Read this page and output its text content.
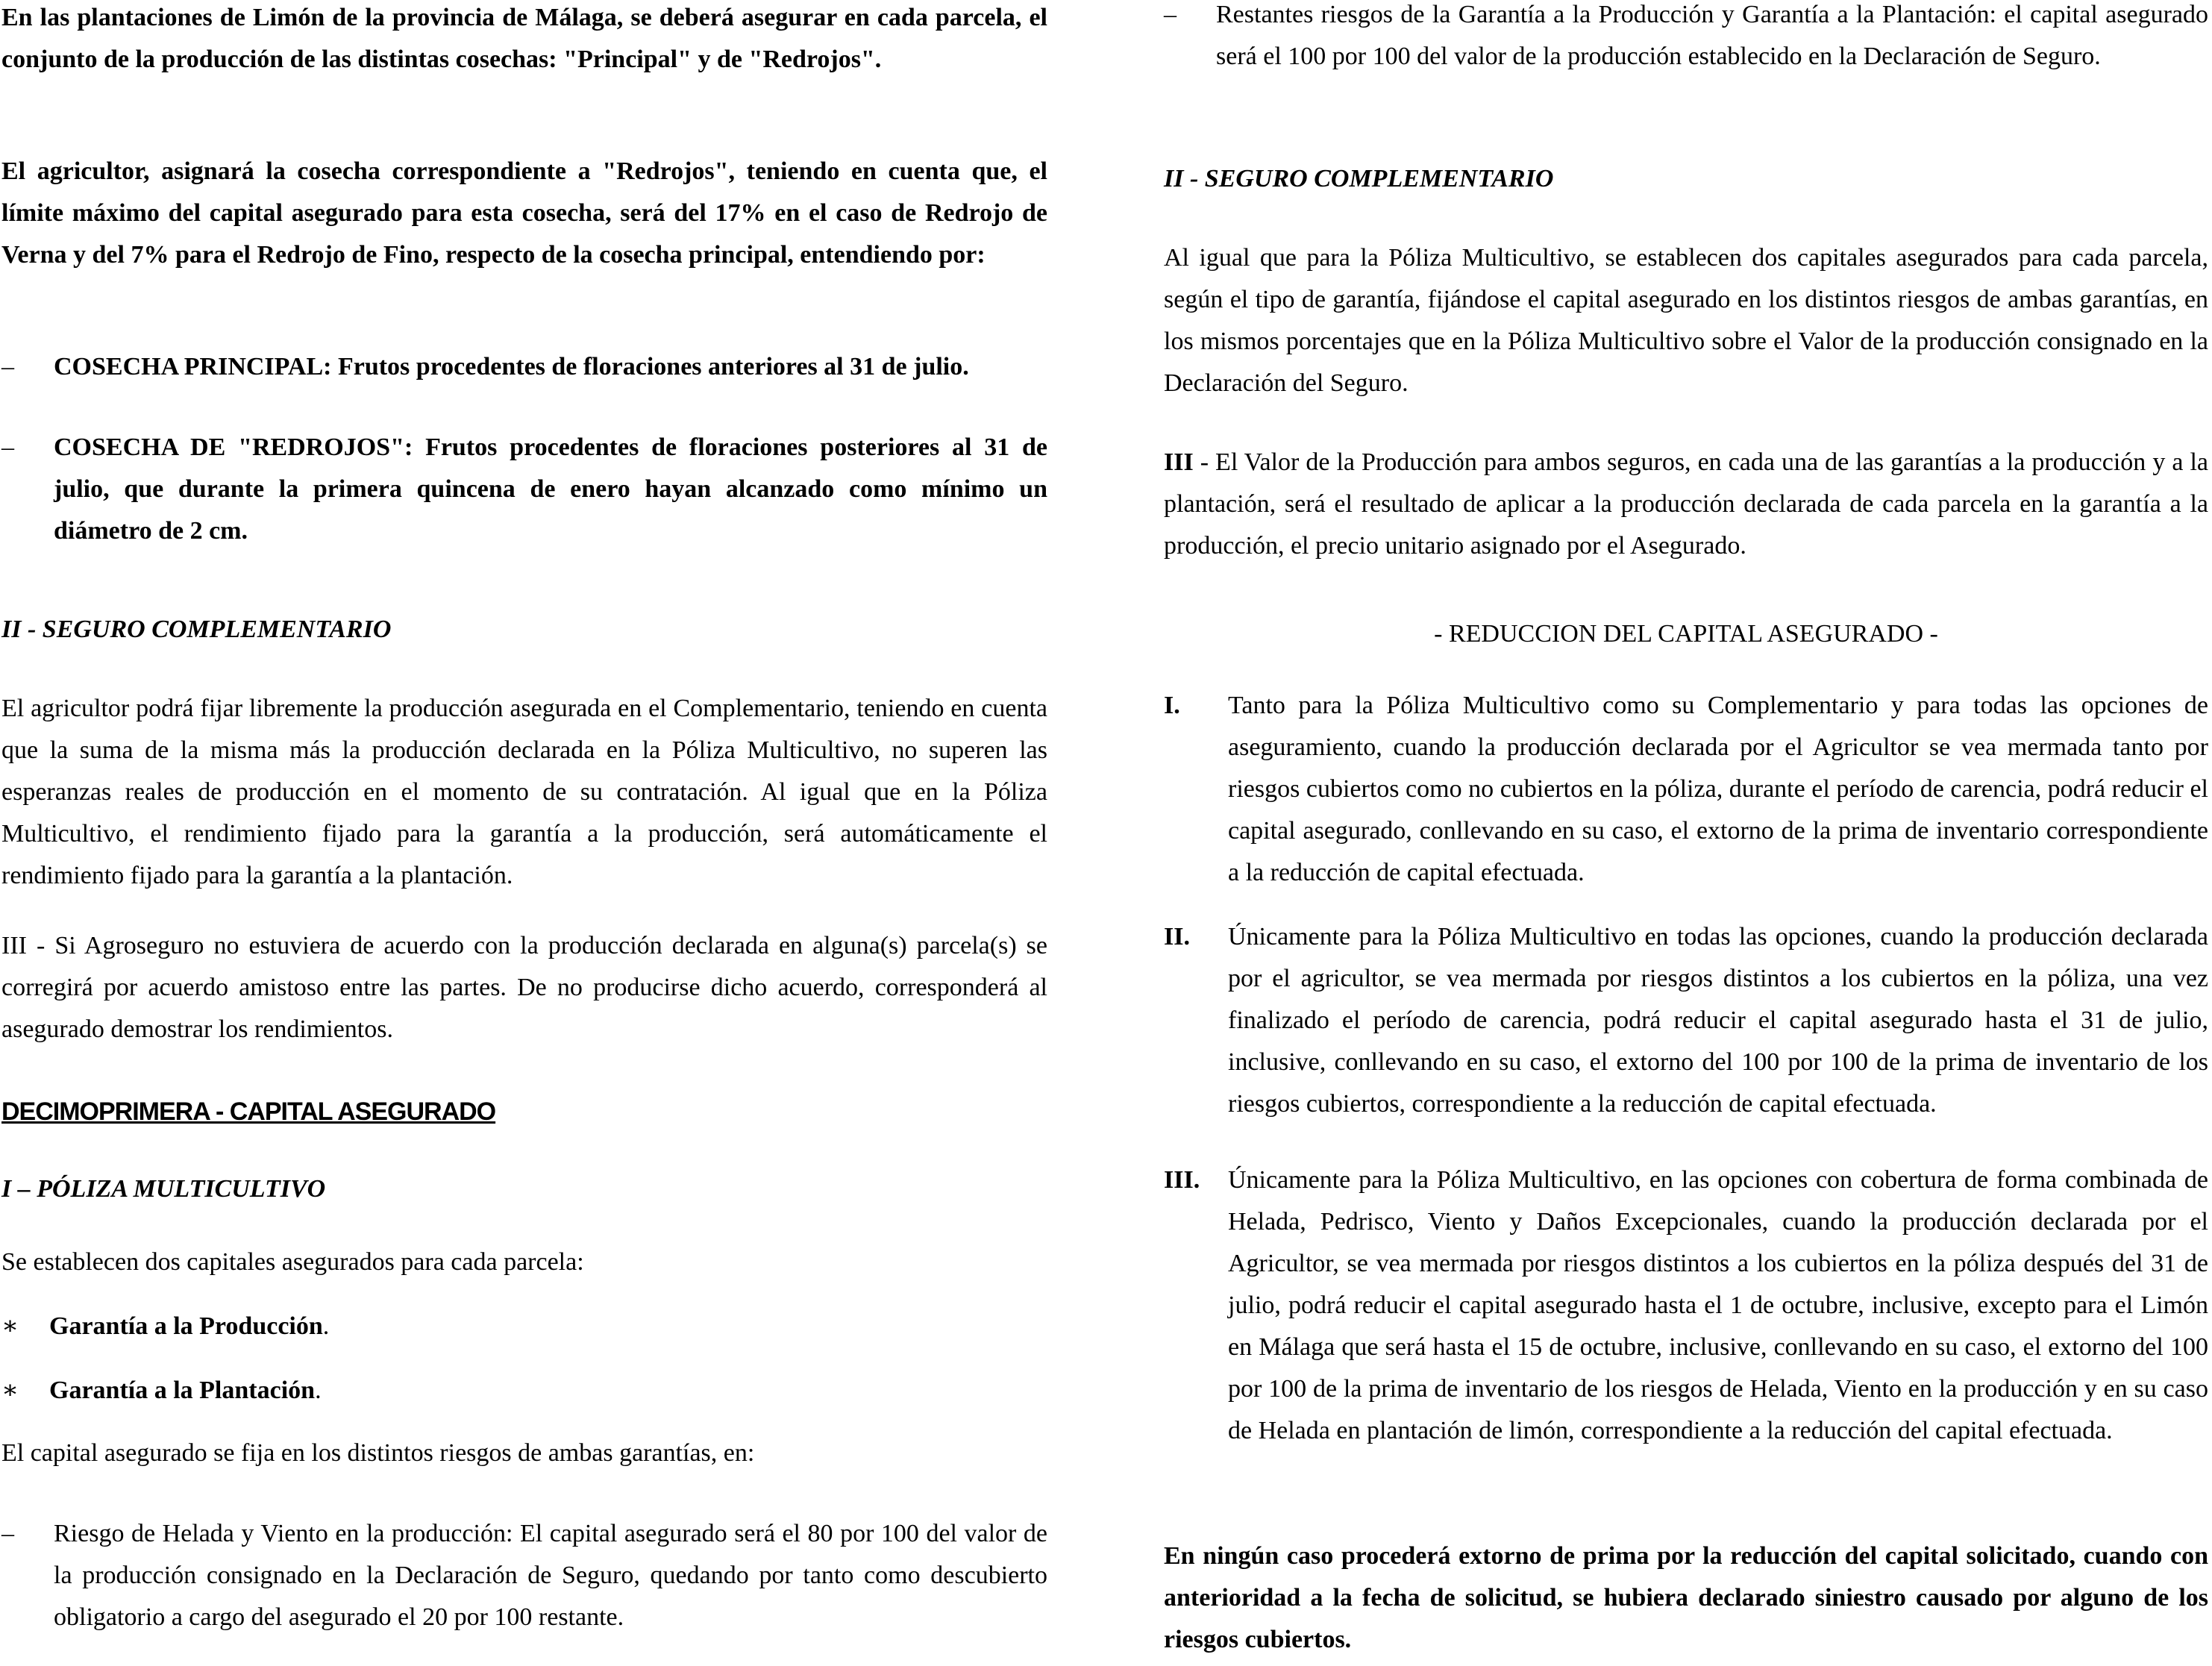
En las plantaciones de Limón de la provincia de Málaga, se deberá asegurar en cada parcela, el conjunto de la producción de las distintas cosechas: "Principal" y de "Redrojos".

El agricultor, asignará la cosecha correspondiente a "Redrojos", teniendo en cuenta que, el límite máximo del capital asegurado para esta cosecha, será del 17% en el caso de Redrojo de Verna y del 7% para el Redrojo de Fino, respecto de la cosecha principal, entendiendo por:

–	COSECHA PRINCIPAL: Frutos procedentes de floraciones anteriores al 31 de julio.
–	COSECHA DE "REDROJOS": Frutos procedentes de floraciones posteriores al 31 de julio, que durante la primera quincena de enero hayan alcanzado como mínimo un diámetro de 2 cm.

II - SEGURO COMPLEMENTARIO

El agricultor podrá fijar libremente la producción asegurada en el Complementario, teniendo en cuenta que la suma de la misma más la producción declarada en la Póliza Multicultivo, no superen las esperanzas reales de producción en el momento de su contratación. Al igual que en la Póliza Multicultivo, el rendimiento fijado para la garantía a la producción, será automáticamente el rendimiento fijado para la garantía a la plantación.

III - Si Agroseguro no estuviera de acuerdo con la producción declarada en alguna(s) parcela(s) se corregirá por acuerdo amistoso entre las partes. De no producirse dicho acuerdo, corresponderá al asegurado demostrar los rendimientos.

DECIMOPRIMERA - CAPITAL ASEGURADO

I – PÓLIZA MULTICULTIVO

Se establecen dos capitales asegurados para cada parcela:

∗	Garantía a la Producción.
∗	Garantía a la Plantación.

El capital asegurado se fija en los distintos riesgos de ambas garantías, en:

–	Riesgo de Helada y Viento en la producción: El capital asegurado será el 80 por 100 del valor de la producción consignado en la Declaración de Seguro, quedando por tanto como descubierto obligatorio a cargo del asegurado el 20 por 100 restante.
–	Restantes riesgos de la Garantía a la Producción y Garantía a la Plantación: el capital asegurado será el 100 por 100 del valor de la producción establecido en la Declaración de Seguro.

II - SEGURO COMPLEMENTARIO

Al igual que para la Póliza Multicultivo, se establecen dos capitales asegurados para cada parcela, según el tipo de garantía, fijándose el capital asegurado en los distintos riesgos de ambas garantías, en los mismos porcentajes que en la Póliza Multicultivo sobre el Valor de la producción consignado en la Declaración del Seguro.

III - El Valor de la Producción para ambos seguros, en cada una de las garantías a la producción y a la plantación, será el resultado de aplicar a la producción declarada de cada parcela en la garantía a la producción, el precio unitario asignado por el Asegurado.

- REDUCCION DEL CAPITAL ASEGURADO -

I.	Tanto para la Póliza Multicultivo como su Complementario y para todas las opciones de aseguramiento, cuando la producción declarada por el Agricultor se vea mermada tanto por riesgos cubiertos como no cubiertos en la póliza, durante el período de carencia, podrá reducir el capital asegurado, conllevando en su caso, el extorno de la prima de inventario correspondiente a la reducción de capital efectuada.
II.	Únicamente para la Póliza Multicultivo en todas las opciones, cuando la producción declarada por el agricultor, se vea mermada por riesgos distintos a los cubiertos en la póliza, una vez finalizado el período de carencia, podrá reducir el capital asegurado hasta el 31 de julio, inclusive, conllevando en su caso, el extorno del 100 por 100 de la prima de inventario de los riesgos cubiertos, correspondiente a la reducción de capital efectuada.
III.	Únicamente para la Póliza Multicultivo, en las opciones con cobertura de forma combinada de Helada, Pedrisco, Viento y Daños Excepcionales, cuando la producción declarada por el Agricultor, se vea mermada por riesgos distintos a los cubiertos en la póliza después del 31 de julio, podrá reducir el capital asegurado hasta el 1 de octubre, inclusive, excepto para el Limón en Málaga que será hasta el 15 de octubre, inclusive, conllevando en su caso, el extorno del 100 por 100 de la prima de inventario de los riesgos de Helada, Viento en la producción y en su caso de Helada en plantación de limón, correspondiente a la reducción del capital efectuada.

En ningún caso procederá extorno de prima por la reducción del capital solicitado, cuando con anterioridad a la fecha de solicitud, se hubiera declarado siniestro causado por alguno de los riesgos cubiertos.
